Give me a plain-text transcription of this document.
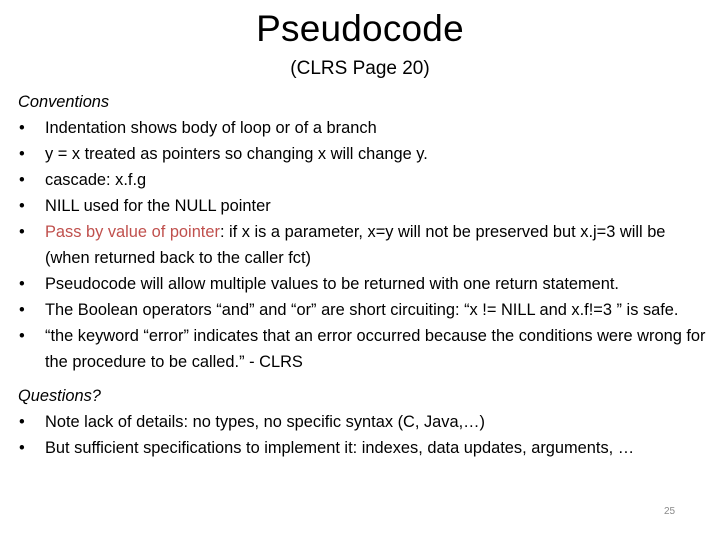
Pseudocode
(CLRS Page 20)

Conventions

• Indentation shows body of loop or of a branch
• y = x treated as pointers so changing x will change y.
• cascade: x.f.g
• NILL used for the NULL pointer
• Pass by value of pointer: if x is a parameter, x=y will not be preserved but x.j=3 will be (when returned back to the caller fct)
• Pseudocode will allow multiple values to be returned with one return statement.
• The Boolean operators “and” and “or” are short circuiting: “x != NILL and x.f!=3 ” is safe.
• “the keyword “error” indicates that an error occurred because the conditions were wrong for the procedure to be called.” - CLRS

Questions?

• Note lack of details: no types, no specific syntax (C, Java,…)
• But sufficient specifications to implement it: indexes, data updates, arguments, …
25
